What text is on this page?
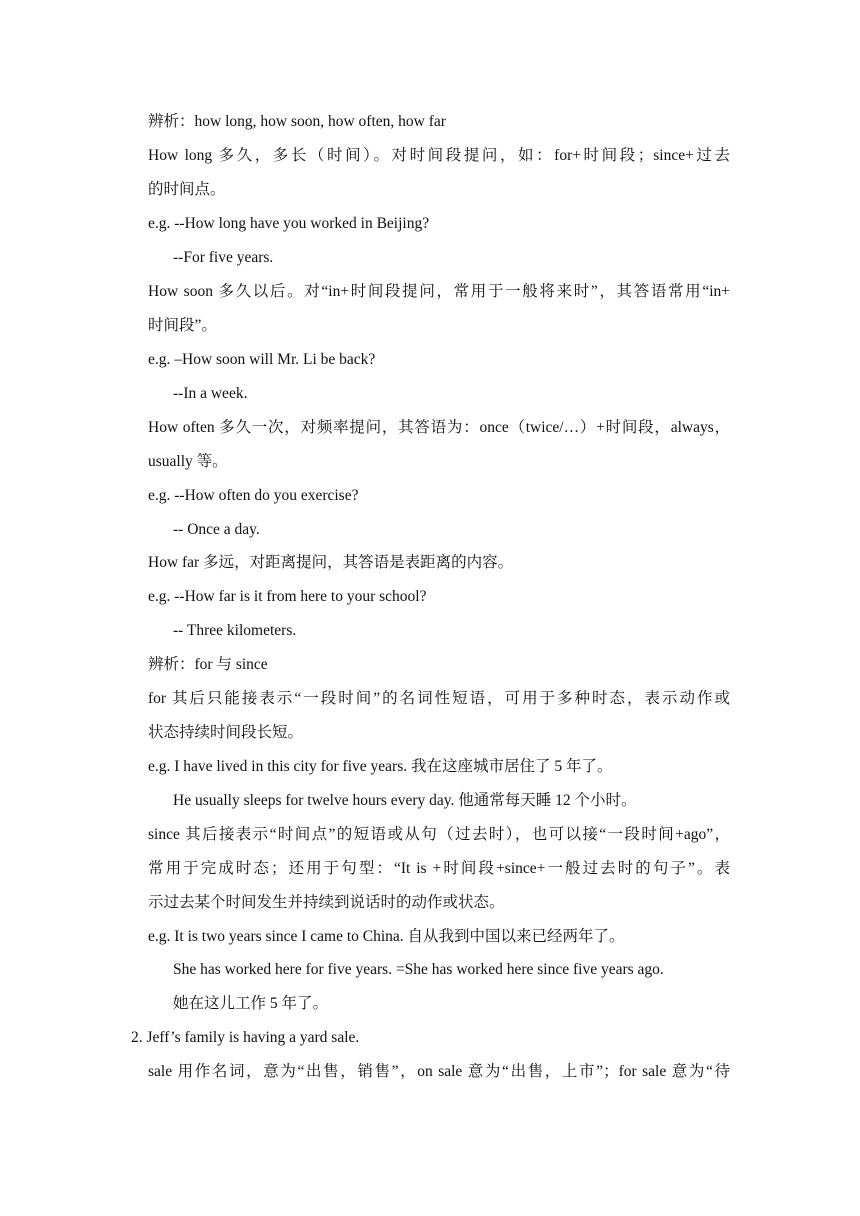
辨析：how long, how soon, how often, how far
How long 多久，多长（时间）。对时间段提问，如：for+时间段；since+过去
的时间点。
e.g. --How long have you worked in Beijing?
--For five years.
How soon 多久以后。对“in+时间段提问，常用于一般将来时”，其答语常用“in+
时间段”。
e.g. –How soon will Mr. Li be back?
--In a week.
How often 多久一次，对频率提问，其答语为：once（twice/…）+时间段，always，
usually 等。
e.g. --How often do you exercise?
-- Once a day.
How far 多远，对距离提问，其答语是表距离的内容。
e.g. --How far is it from here to your school?
-- Three kilometers.
辨析：for 与 since
for 其后只能接表示“一段时间”的名词性短语，可用于多种时态，表示动作或
状态持续时间段长短。
e.g. I have lived in this city for five years. 我在这座城市居住了 5 年了。
He usually sleeps for twelve hours every day. 他通常每天睡 12 个小时。
since 其后接表示“时间点”的短语或从句（过去时），也可以接“一段时间+ago”，
常用于完成时态；还用于句型：“It is +时间段+since+一般过去时的句子”。表
示过去某个时间发生并持续到说话时的动作或状态。
e.g. It is two years since I came to China. 自从我到中国以来已经两年了。
She has worked here for five years. =She has worked here since five years ago.
她在这儿工作 5 年了。
2. Jeff’s family is having a yard sale.
sale 用作名词，意为“出售，销售”，on sale 意为“出售，上市”；for sale 意为“待
